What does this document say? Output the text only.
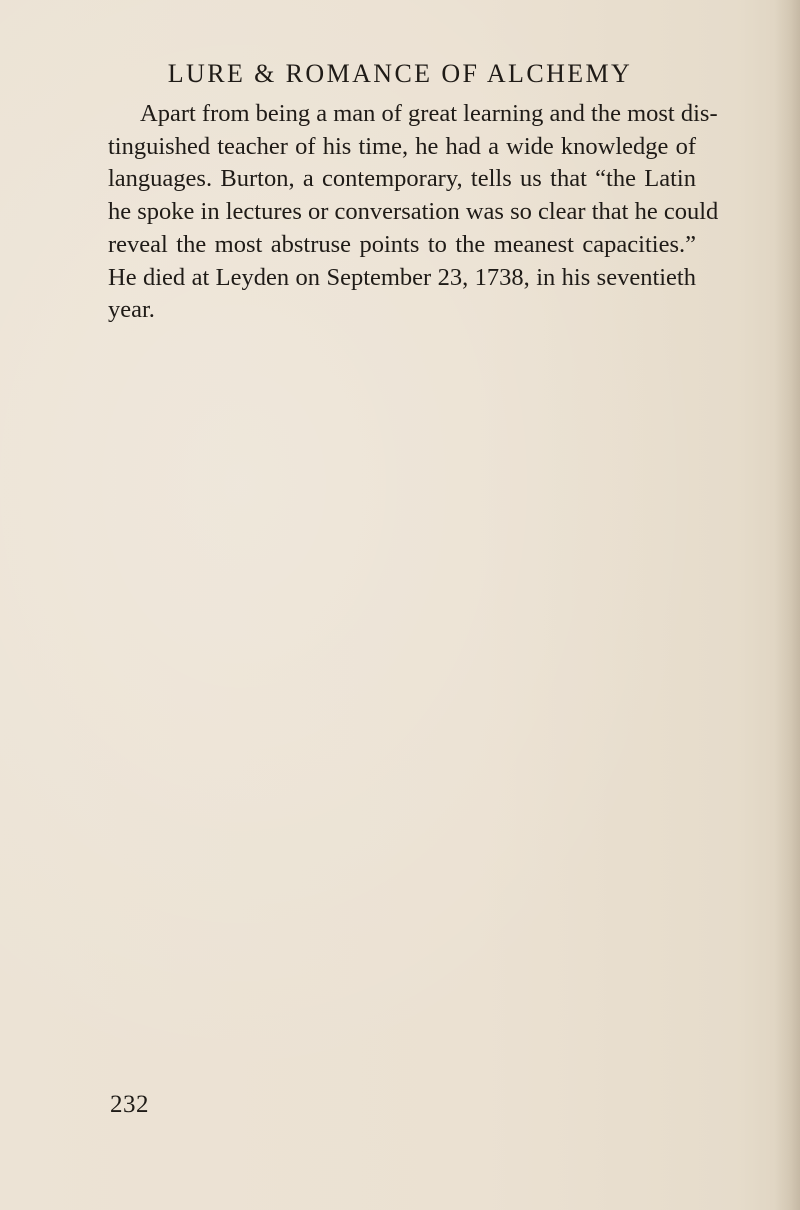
LURE & ROMANCE OF ALCHEMY

Apart from being a man of great learning and the most dis-
tinguished teacher of his time, he had a wide knowledge of
languages. Burton, a contemporary, tells us that “the Latin
he spoke in lectures or conversation was so clear that he could
reveal the most abstruse points to the meanest capacities.”
He died at Leyden on September 23, 1738, in his seventieth
year.

232
